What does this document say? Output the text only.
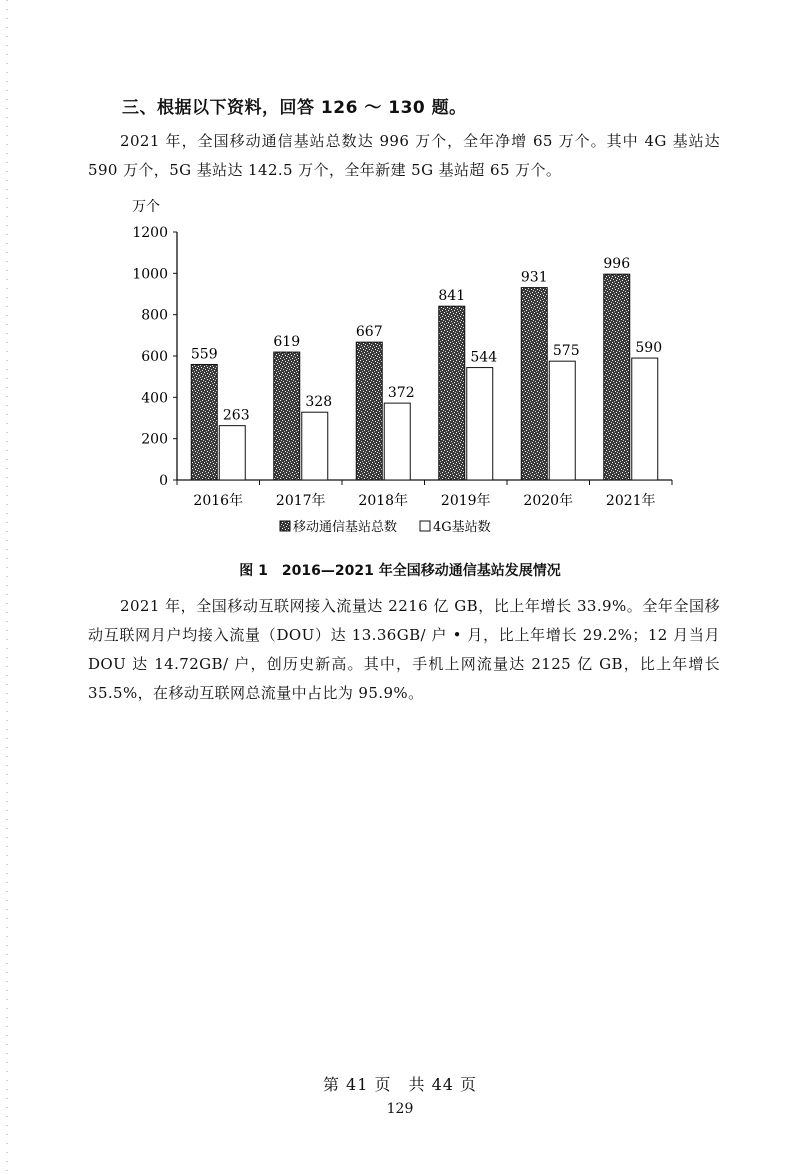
三、根据以下资料，回答 126 ～ 130 题。
2021 年，全国移动通信基站总数达 996 万个，全年净增 65 万个。其中 4G 基站达 590 万个，5G 基站达 142.5 万个，全年新建 5G 基站超 65 万个。
万个
0
200
400
600
800
1000
1200
559
263
619
328
667
372
841
544
931
575
996
590
2016年 2017年 2018年 2019年 2020年 2021年
移动通信基站总数	4G基站数
图 1　2016—2021 年全国移动通信基站发展情况
2021 年，全国移动互联网接入流量达 2216 亿 GB，比上年增长 33.9%。全年全国移动互联网月户均接入流量（DOU）达 13.36GB/ 户 • 月，比上年增长 29.2%；12 月当月 DOU 达 14.72GB/ 户，创历史新高。其中，手机上网流量达 2125 亿 GB，比上年增长 35.5%，在移动互联网总流量中占比为 95.9%。
第 41 页　共 44 页
129
